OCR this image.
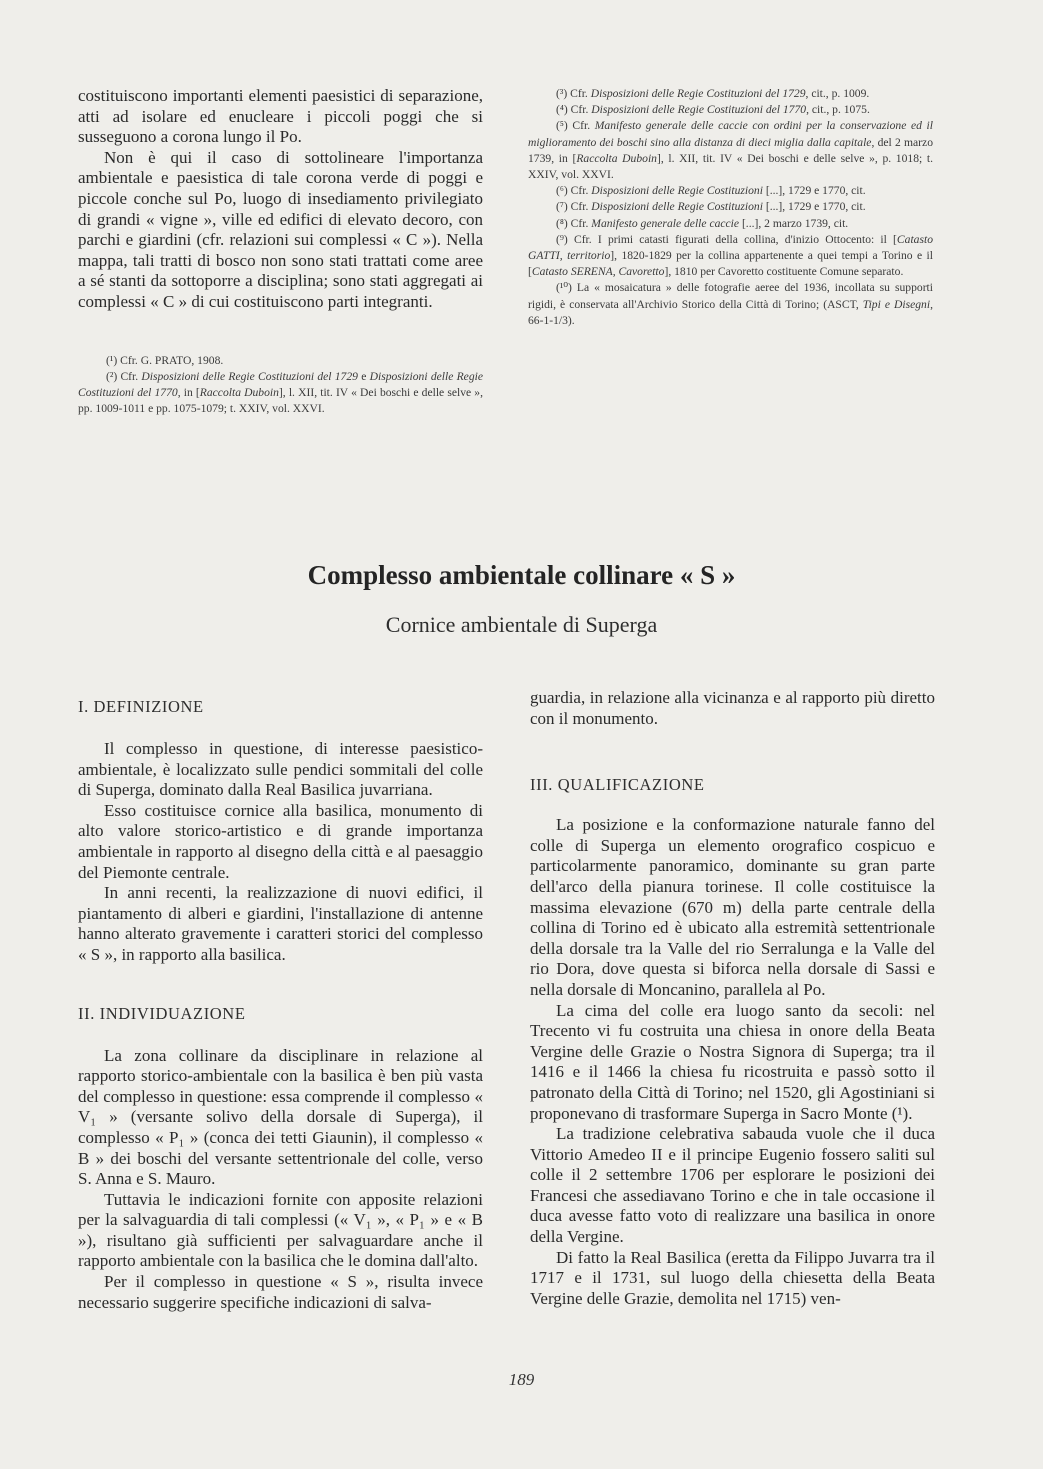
costituiscono importanti elementi paesistici di separazione, atti ad isolare ed enucleare i piccoli poggi che si susseguono a corona lungo il Po.

Non è qui il caso di sottolineare l'importanza ambientale e paesistica di tale corona verde di poggi e piccole conche sul Po, luogo di insediamento privilegiato di grandi « vigne », ville ed edifici di elevato decoro, con parchi e giardini (cfr. relazioni sui complessi « C »). Nella mappa, tali tratti di bosco non sono stati trattati come aree a sé stanti da sottoporre a disciplina; sono stati aggregati ai complessi « C » di cui costituiscono parti integranti.

(¹) Cfr. G. PRATO, 1908.

(²) Cfr. Disposizioni delle Regie Costituzioni del 1729 e Disposizioni delle Regie Costituzioni del 1770, in [Raccolta Duboin], l. XII, tit. IV « Dei boschi e delle selve », pp. 1009-1011 e pp. 1075-1079; t. XXIV, vol. XXVI.

(³) Cfr. Disposizioni delle Regie Costituzioni del 1729, cit., p. 1009.

(⁴) Cfr. Disposizioni delle Regie Costituzioni del 1770, cit., p. 1075.

(⁵) Cfr. Manifesto generale delle caccie con ordini per la conservazione ed il miglioramento dei boschi sino alla distanza di dieci miglia dalla capitale, del 2 marzo 1739, in [Raccolta Duboin], l. XII, tit. IV « Dei boschi e delle selve », p. 1018; t. XXIV, vol. XXVI.

(⁶) Cfr. Disposizioni delle Regie Costituzioni [...], 1729 e 1770, cit.

(⁷) Cfr. Disposizioni delle Regie Costituzioni [...], 1729 e 1770, cit.

(⁸) Cfr. Manifesto generale delle caccie [...], 2 marzo 1739, cit.

(⁹) Cfr. I primi catasti figurati della collina, d'inizio Ottocento: il [Catasto GATTI, territorio], 1820-1829 per la collina appartenente a quei tempi a Torino e il [Catasto SERENA, Cavoretto], 1810 per Cavoretto costituente Comune separato.

(¹⁰) La « mosaicatura » delle fotografie aeree del 1936, incollata su supporti rigidi, è conservata all'Archivio Storico della Città di Torino; (ASCT, Tipi e Disegni, 66-1-1/3).

Complesso ambientale collinare « S »
Cornice ambientale di Superga
I. DEFINIZIONE

Il complesso in questione, di interesse paesistico-ambientale, è localizzato sulle pendici sommitali del colle di Superga, dominato dalla Real Basilica juvarriana.

Esso costituisce cornice alla basilica, monumento di alto valore storico-artistico e di grande importanza ambientale in rapporto al disegno della città e al paesaggio del Piemonte centrale.

In anni recenti, la realizzazione di nuovi edifici, il piantamento di alberi e giardini, l'installazione di antenne hanno alterato gravemente i caratteri storici del complesso « S », in rapporto alla basilica.

II. INDIVIDUAZIONE

La zona collinare da disciplinare in relazione al rapporto storico-ambientale con la basilica è ben più vasta del complesso in questione: essa comprende il complesso « V₁ » (versante solivo della dorsale di Superga), il complesso « P₁ » (conca dei tetti Giaunin), il complesso « B » dei boschi del versante settentrionale del colle, verso S. Anna e S. Mauro.

Tuttavia le indicazioni fornite con apposite relazioni per la salvaguardia di tali complessi (« V₁ », « P₁ » e « B »), risultano già sufficienti per salvaguardare anche il rapporto ambientale con la basilica che le domina dall'alto.

Per il complesso in questione « S », risulta invece necessario suggerire specifiche indicazioni di salva-

guardia, in relazione alla vicinanza e al rapporto più diretto con il monumento.

III. QUALIFICAZIONE

La posizione e la conformazione naturale fanno del colle di Superga un elemento orografico cospicuo e particolarmente panoramico, dominante su gran parte dell'arco della pianura torinese. Il colle costituisce la massima elevazione (670 m) della parte centrale della collina di Torino ed è ubicato alla estremità settentrionale della dorsale tra la Valle del rio Serralunga e la Valle del rio Dora, dove questa si biforca nella dorsale di Sassi e nella dorsale di Moncanino, parallela al Po.

La cima del colle era luogo santo da secoli: nel Trecento vi fu costruita una chiesa in onore della Beata Vergine delle Grazie o Nostra Signora di Superga; tra il 1416 e il 1466 la chiesa fu ricostruita e passò sotto il patronato della Città di Torino; nel 1520, gli Agostiniani si proponevano di trasformare Superga in Sacro Monte (¹).

La tradizione celebrativa sabauda vuole che il duca Vittorio Amedeo II e il principe Eugenio fossero saliti sul colle il 2 settembre 1706 per esplorare le posizioni dei Francesi che assediavano Torino e che in tale occasione il duca avesse fatto voto di realizzare una basilica in onore della Vergine.

Di fatto la Real Basilica (eretta da Filippo Juvarra tra il 1717 e il 1731, sul luogo della chiesetta della Beata Vergine delle Grazie, demolita nel 1715) ven-

189
